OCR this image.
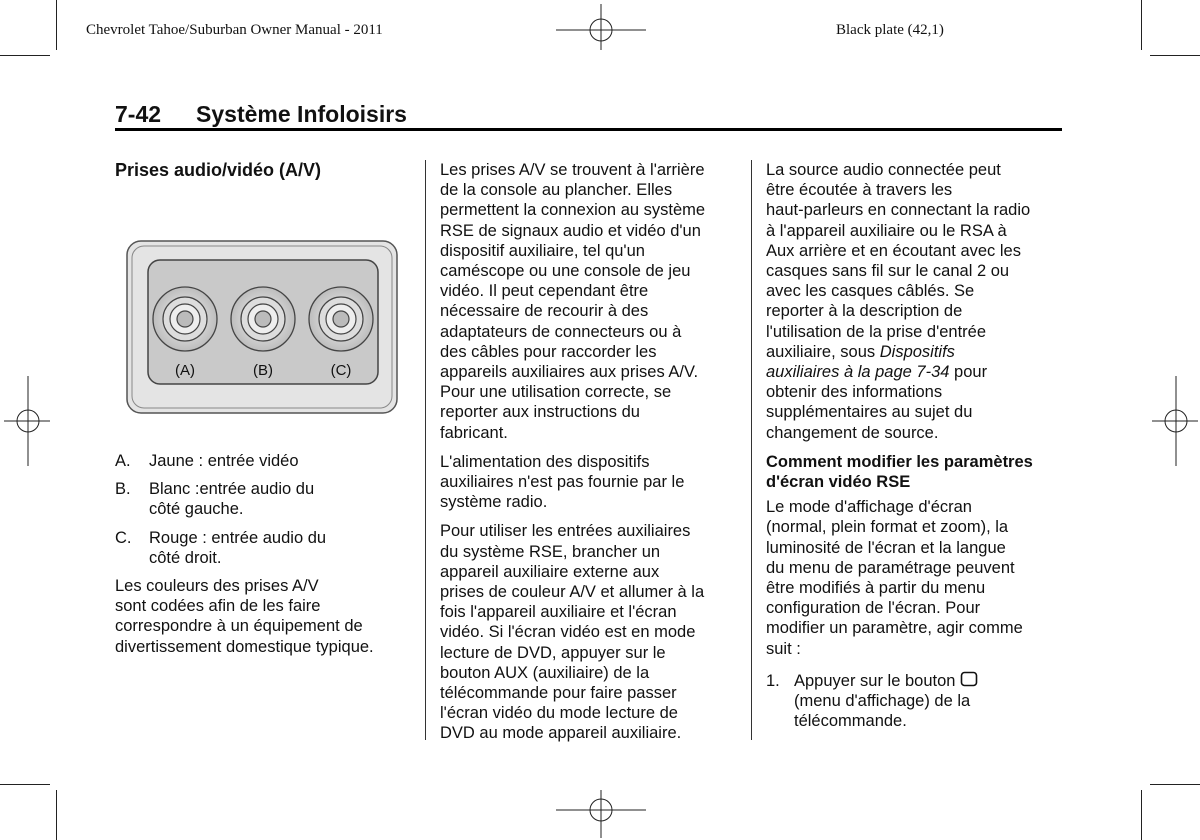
Chevrolet Tahoe/Suburban Owner Manual - 2011	Black plate (42,1)
7-42 Système Infoloisirs
Prises audio/vidéo (A/V)
(A)	(B)	(C)
A.	Jaune : entrée vidéo
B.	Blanc :entrée audio du
côté gauche.
C.	Rouge : entrée audio du
côté droit.

Les couleurs des prises A/V
sont codées afin de les faire
correspondre à un équipement de
divertissement domestique typique.

Les prises A/V se trouvent à l'arrière
de la console au plancher. Elles
permettent la connexion au système
RSE de signaux audio et vidéo d'un
dispositif auxiliaire, tel qu'un
caméscope ou une console de jeu
vidéo. Il peut cependant être
nécessaire de recourir à des
adaptateurs de connecteurs ou à
des câbles pour raccorder les
appareils auxiliaires aux prises A/V.
Pour une utilisation correcte, se
reporter aux instructions du
fabricant.

L'alimentation des dispositifs
auxiliaires n'est pas fournie par le
système radio.

Pour utiliser les entrées auxiliaires
du système RSE, brancher un
appareil auxiliaire externe aux
prises de couleur A/V et allumer à la
fois l'appareil auxiliaire et l'écran
vidéo. Si l'écran vidéo est en mode
lecture de DVD, appuyer sur le
bouton AUX (auxiliaire) de la
télécommande pour faire passer
l'écran vidéo du mode lecture de
DVD au mode appareil auxiliaire.

La source audio connectée peut
être écoutée à travers les
haut-parleurs en connectant la radio
à l'appareil auxiliaire ou le RSA à
Aux arrière et en écoutant avec les
casques sans fil sur le canal 2 ou
avec les casques câblés. Se
reporter à la description de
l'utilisation de la prise d'entrée
auxiliaire, sous Dispositifs
auxiliaires à la page 7-34 pour
obtenir des informations
supplémentaires au sujet du
changement de source.

Comment modifier les paramètres
d'écran vidéo RSE

Le mode d'affichage d'écran
(normal, plein format et zoom), la
luminosité de l'écran et la langue
du menu de paramétrage peuvent
être modifiés à partir du menu
configuration de l'écran. Pour
modifier un paramètre, agir comme
suit :

1. Appuyer sur le bouton
(menu d'affichage) de la
télécommande.
